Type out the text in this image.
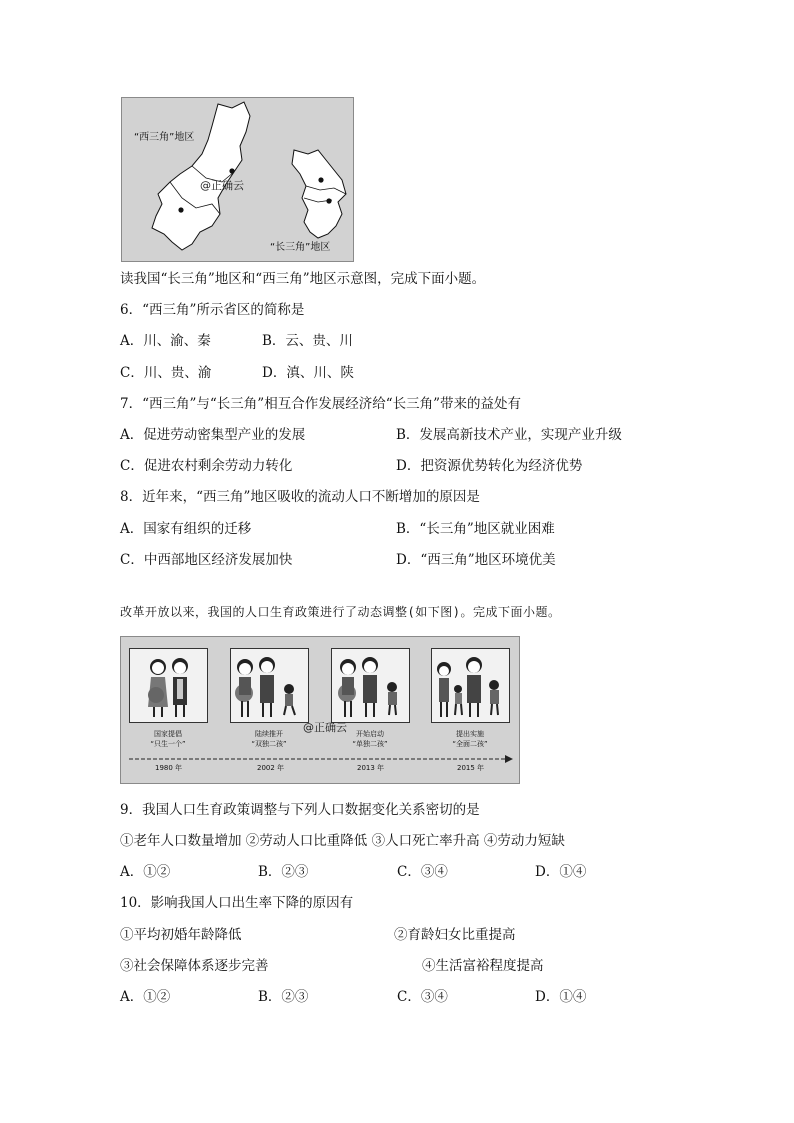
“西三角”地区
“长三角”地区
@正确云
读我国“长三角”地区和“西三角”地区示意图，完成下面小题。
6．“西三角”所示省区的简称是
A．川、渝、秦	B．云、贵、川
C．川、贵、渝	D．滇、川、陕
7．“西三角”与“长三角”相互合作发展经济给“长三角”带来的益处有
A．促进劳动密集型产业的发展	B．发展高新技术产业，实现产业升级
C．促进农村剩余劳动力转化	D．把资源优势转化为经济优势
8．近年来，“西三角”地区吸收的流动人口不断增加的原因是
A．国家有组织的迁移	B．“长三角”地区就业困难
C．中西部地区经济发展加快	D．“西三角”地区环境优美
改革开放以来，我国的人口生育政策进行了动态调整(如下图)。完成下面小题。
@正确云
国家提倡
“只生一个”
陆续推开
“双独二孩”
开始启动
“单独二孩”
提出实施
“全面二孩”
1980 年	2002 年	2013 年	2015 年
9．我国人口生育政策调整与下列人口数据变化关系密切的是
①老年人口数量增加 ②劳动人口比重降低 ③人口死亡率升高 ④劳动力短缺
A．①②	B．②③	C．③④	D．①④
10．影响我国人口出生率下降的原因有
①平均初婚年龄降低	②育龄妇女比重提高
③社会保障体系逐步完善	④生活富裕程度提高
A．①②	B．②③	C．③④	D．①④
